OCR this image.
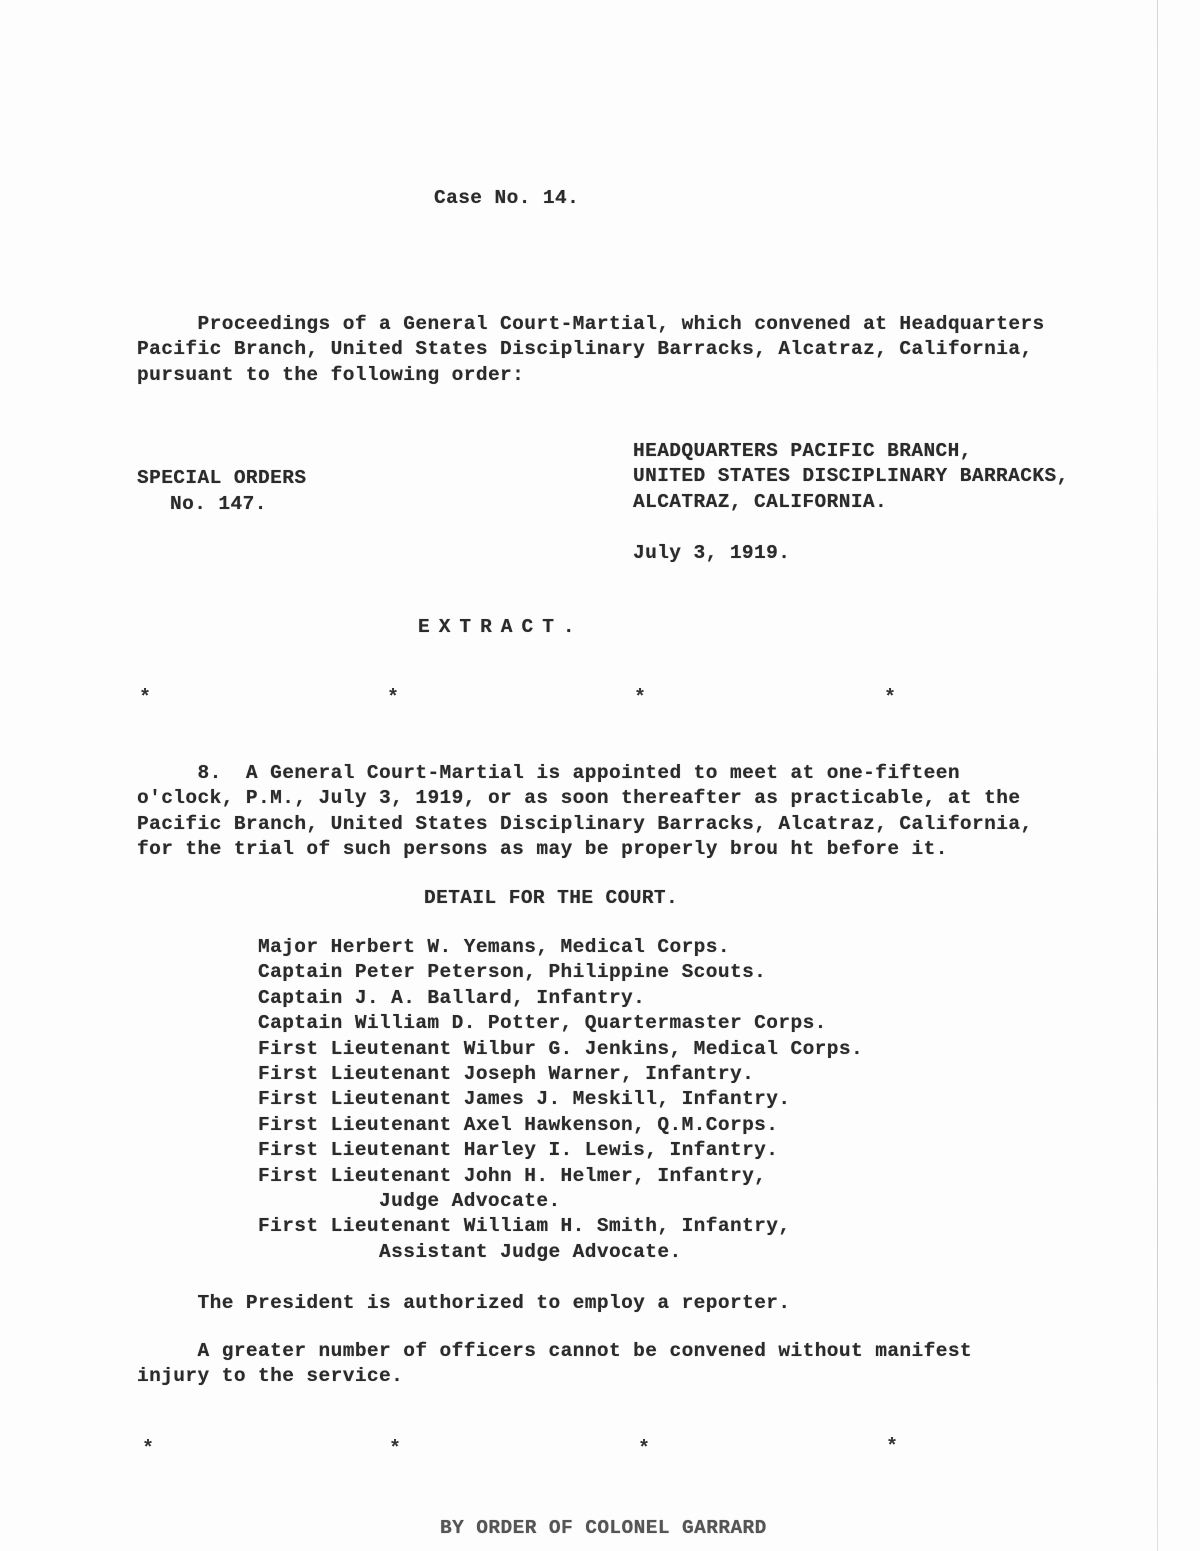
Case No. 14.
Proceedings of a General Court-Martial, which convened at Headquarters
Pacific Branch, United States Disciplinary Barracks, Alcatraz, California,
pursuant to the following order:
HEADQUARTERS PACIFIC BRANCH,
UNITED STATES DISCIPLINARY BARRACKS,
ALCATRAZ, CALIFORNIA.
SPECIAL ORDERS
No. 147.
July 3, 1919.
EXTRACT.
*	*	*	*
8.  A General Court-Martial is appointed to meet at one-fifteen
o'clock, P.M., July 3, 1919, or as soon thereafter as practicable, at the
Pacific Branch, United States Disciplinary Barracks, Alcatraz, California,
for the trial of such persons as may be properly brou ht before it.
DETAIL FOR THE COURT.
Major Herbert W. Yemans, Medical Corps.
Captain Peter Peterson, Philippine Scouts.
Captain J. A. Ballard, Infantry.
Captain William D. Potter, Quartermaster Corps.
First Lieutenant Wilbur G. Jenkins, Medical Corps.
First Lieutenant Joseph Warner, Infantry.
First Lieutenant James J. Meskill, Infantry.
First Lieutenant Axel Hawkenson, Q.M.Corps.
First Lieutenant Harley I. Lewis, Infantry.
First Lieutenant John H. Helmer, Infantry,
Judge Advocate.
First Lieutenant William H. Smith, Infantry,
Assistant Judge Advocate.
The President is authorized to employ a reporter.
A greater number of officers cannot be convened without manifest
injury to the service.
*	*	*	*
BY ORDER OF COLONEL GARRARD
